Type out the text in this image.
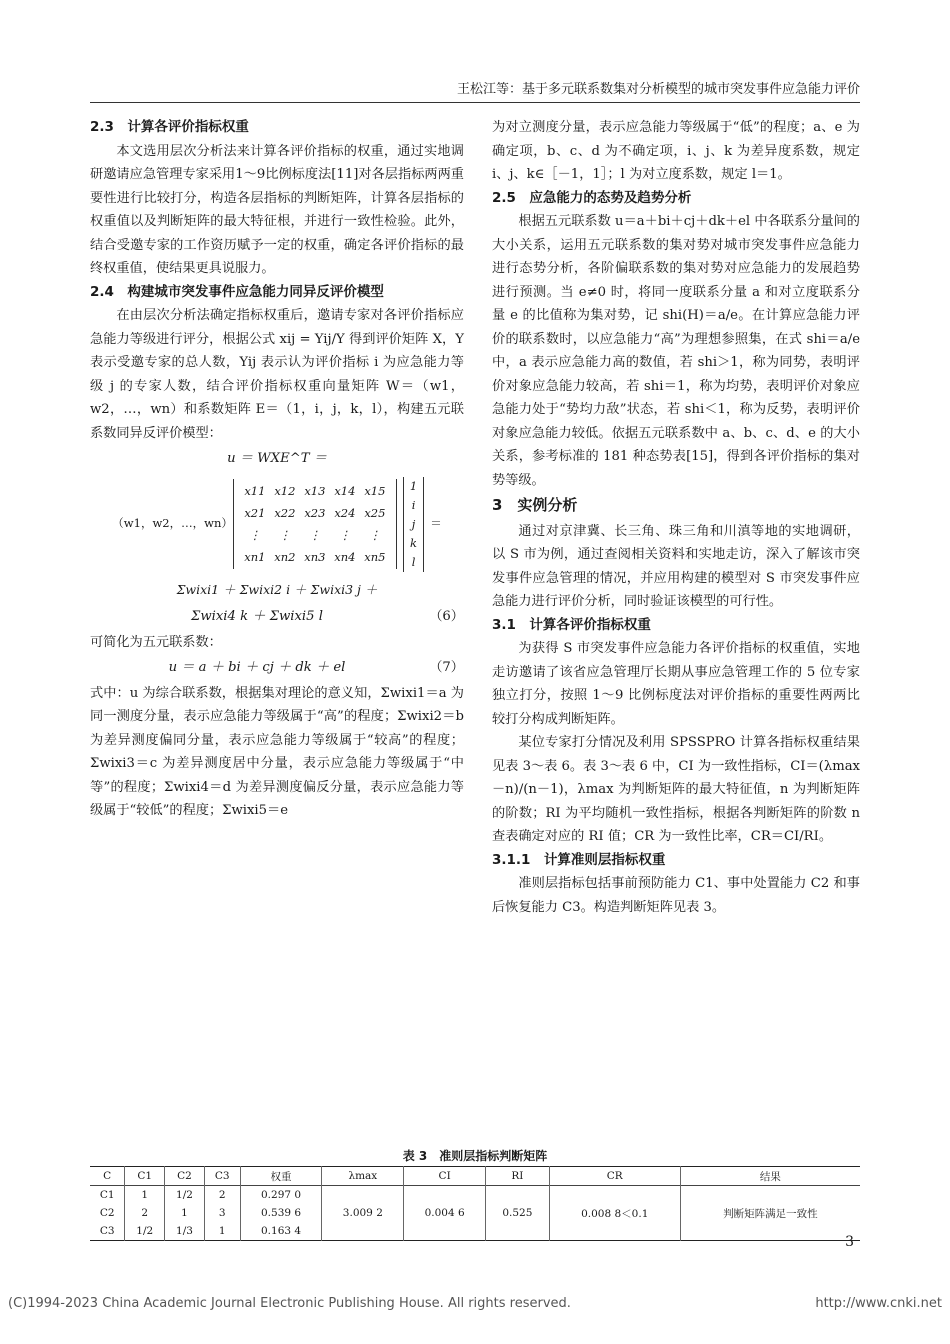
王松江等：基于多元联系数集对分析模型的城市突发事件应急能力评价

2.3　计算各评价指标权重

本文选用层次分析法来计算各评价指标的权重，通过实地调研邀请应急管理专家采用1～9比例标度法[11]对各层指标两两重要性进行比较打分，构造各层指标的判断矩阵，计算各层指标的权重值以及判断矩阵的最大特征根，并进行一致性检验。此外，结合受邀专家的工作资历赋予一定的权重，确定各评价指标的最终权重值，使结果更具说服力。

2.4　构建城市突发事件应急能力同异反评价模型

在由层次分析法确定指标权重后，邀请专家对各评价指标应急能力等级进行评分，根据公式 xij = Yij/Y 得到评价矩阵 X，Y 表示受邀专家的总人数，Yij 表示认为评价指标 i 为应急能力等级 j 的专家人数，结合评价指标权重向量矩阵 W＝（w1，w2，…，wn）和系数矩阵 E＝（1，i，j，k，l），构建五元联系数同异反评价模型：

u ＝ WXE^T ＝

（w1，w2，…，wn）
x11 x12 x13 x14 x15
x21 x22 x23 x24 x25
⋮	⋮	⋮	⋮	⋮
xn1 xn2 xn3 xn4 xn5
1
i
j
k
l
＝

Σwixi1 ＋ Σwixi2 i ＋ Σwixi3 j ＋

Σwixi4 k ＋ Σwixi5 l	（6）

可简化为五元联系数：

u ＝ a ＋ bi ＋ cj ＋ dk ＋ el	（7）

式中：u 为综合联系数，根据集对理论的意义知，Σwixi1＝a 为同一测度分量，表示应急能力等级属于“高”的程度；Σwixi2＝b 为差异测度偏同分量，表示应急能力等级属于“较高”的程度；Σwixi3＝c 为差异测度居中分量，表示应急能力等级属于“中等”的程度；Σwixi4＝d 为差异测度偏反分量，表示应急能力等级属于“较低”的程度；Σwixi5＝e

为对立测度分量，表示应急能力等级属于“低”的程度；a、e 为确定项，b、c、d 为不确定项，i、j、k 为差异度系数，规定 i、j、k∈［－1，1］；l 为对立度系数，规定 l＝1。

2.5　应急能力的态势及趋势分析

根据五元联系数 u＝a＋bi＋cj＋dk＋el 中各联系分量间的大小关系，运用五元联系数的集对势对城市突发事件应急能力进行态势分析，各阶偏联系数的集对势对应急能力的发展趋势进行预测。当 e≠0 时，将同一度联系分量 a 和对立度联系分量 e 的比值称为集对势，记 shi(H)＝a/e。在计算应急能力评价的联系数时，以应急能力“高”为理想参照集，在式 shi＝a/e 中，a 表示应急能力高的数值，若 shi＞1，称为同势，表明评价对象应急能力较高，若 shi＝1，称为均势，表明评价对象应急能力处于“势均力敌”状态，若 shi＜1，称为反势，表明评价对象应急能力较低。依据五元联系数中 a、b、c、d、e 的大小关系，参考标准的 181 种态势表[15]，得到各评价指标的集对势等级。

3　实例分析

通过对京津冀、长三角、珠三角和川滇等地的实地调研，以 S 市为例，通过查阅相关资料和实地走访，深入了解该市突发事件应急管理的情况，并应用构建的模型对 S 市突发事件应急能力进行评价分析，同时验证该模型的可行性。

3.1　计算各评价指标权重

为获得 S 市突发事件应急能力各评价指标的权重值，实地走访邀请了该省应急管理厅长期从事应急管理工作的 5 位专家独立打分，按照 1～9 比例标度法对评价指标的重要性两两比较打分构成判断矩阵。

某位专家打分情况及利用 SPSSPRO 计算各指标权重结果见表 3～表 6。表 3～表 6 中，CI 为一致性指标，CI＝(λmax－n)/(n－1)，λmax 为判断矩阵的最大特征值，n 为判断矩阵的阶数；RI 为平均随机一致性指标，根据各判断矩阵的阶数 n 查表确定对应的 RI 值；CR 为一致性比率，CR＝CI/RI。

3.1.1　计算准则层指标权重

准则层指标包括事前预防能力 C1、事中处置能力 C2 和事后恢复能力 C3。构造判断矩阵见表 3。

表 3　准则层指标判断矩阵
C	C1	C2	C3	权重	λmax	CI	RI	CR	结果
C1	1	1/2	2	0.297 0	3.009 2	0.004 6	0.525	0.008 8＜0.1	判断矩阵满足一致性
C2	2	1	3	0.539 6					
C3	1/2	1/3	1	0.163 4					
3
(C)1994-2023 China Academic Journal Electronic Publishing House. All rights reserved.	http://www.cnki.net
